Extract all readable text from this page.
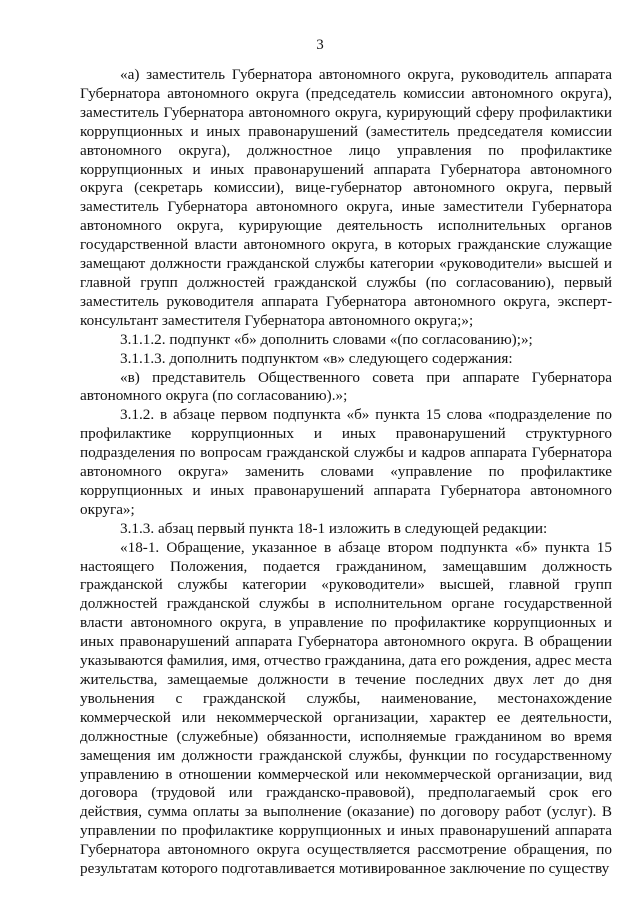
3

«а) заместитель Губернатора автономного округа, руководитель аппарата Губернатора автономного округа (председатель комиссии автономного округа), заместитель Губернатора автономного округа, курирующий сферу профилактики коррупционных и иных правонарушений (заместитель председателя комиссии автономного округа), должностное лицо управления по профилактике коррупционных и иных правонарушений аппарата Губернатора автономного округа (секретарь комиссии), вице-губернатор автономного округа, первый заместитель Губернатора автономного округа, иные заместители Губернатора автономного округа, курирующие деятельность исполнительных органов государственной власти автономного округа, в которых гражданские служащие замещают должности гражданской службы категории «руководители» высшей и главной групп должностей гражданской службы (по согласованию), первый заместитель руководителя аппарата Губернатора автономного округа, эксперт-консультант заместителя Губернатора автономного округа;»;

3.1.1.2. подпункт «б» дополнить словами «(по согласованию);»;

3.1.1.3. дополнить подпунктом «в» следующего содержания:

«в) представитель Общественного совета при аппарате Губернатора автономного округа (по согласованию).»;

3.1.2. в абзаце первом подпункта «б» пункта 15 слова «подразделение по профилактике коррупционных и иных правонарушений структурного подразделения по вопросам гражданской службы и кадров аппарата Губернатора автономного округа» заменить словами «управление по профилактике коррупционных и иных правонарушений аппарата Губернатора автономного округа»;

3.1.3. абзац первый пункта 18-1 изложить в следующей редакции:

«18-1. Обращение, указанное в абзаце втором подпункта «б» пункта 15 настоящего Положения, подается гражданином, замещавшим должность гражданской службы категории «руководители» высшей, главной групп должностей гражданской службы в исполнительном органе государственной власти автономного округа, в управление по профилактике коррупционных и иных правонарушений аппарата Губернатора автономного округа. В обращении указываются фамилия, имя, отчество гражданина, дата его рождения, адрес места жительства, замещаемые должности в течение последних двух лет до дня увольнения с гражданской службы, наименование, местонахождение коммерческой или некоммерческой организации, характер ее деятельности, должностные (служебные) обязанности, исполняемые гражданином во время замещения им должности гражданской службы, функции по государственному управлению в отношении коммерческой или некоммерческой организации, вид договора (трудовой или гражданско-правовой), предполагаемый срок его действия, сумма оплаты за выполнение (оказание) по договору работ (услуг). В управлении по профилактике коррупционных и иных правонарушений аппарата Губернатора автономного округа осуществляется рассмотрение обращения, по результатам которого подготавливается мотивированное заключение по существу
